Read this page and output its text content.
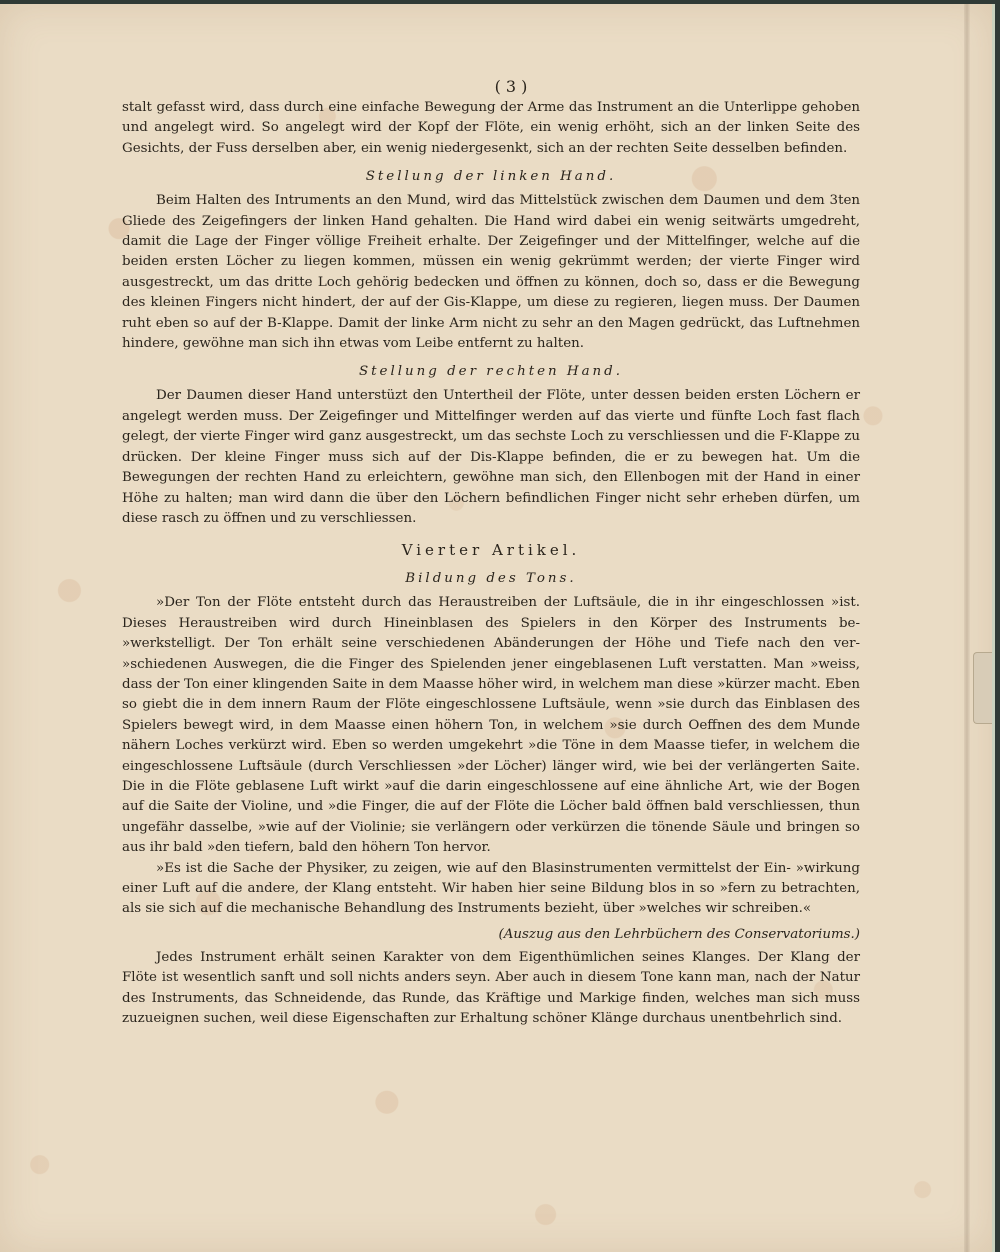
( 3 )

stalt gefasst wird, dass durch eine einfache Bewegung der Arme das Instrument an die Unterlippe gehoben und angelegt wird. So angelegt wird der Kopf der Flöte, ein wenig erhöht, sich an der linken Seite des Gesichts, der Fuss derselben aber, ein wenig niedergesenkt, sich an der rechten Seite desselben befinden.

Stellung der linken Hand.

Beim Halten des Intruments an den Mund, wird das Mittelstück zwischen dem Daumen und dem 3ten Gliede des Zeigefingers der linken Hand gehalten. Die Hand wird dabei ein wenig seitwärts umgedreht, damit die Lage der Finger völlige Freiheit erhalte. Der Zeigefinger und der Mittelfinger, welche auf die beiden ersten Löcher zu liegen kommen, müssen ein wenig gekrümmt werden; der vierte Finger wird ausgestreckt, um das dritte Loch gehörig bedecken und öffnen zu können, doch so, dass er die Bewegung des kleinen Fingers nicht hindert, der auf der Gis-Klappe, um diese zu regieren, liegen muss. Der Daumen ruht eben so auf der B-Klappe. Damit der linke Arm nicht zu sehr an den Magen gedrückt, das Luftnehmen hindere, gewöhne man sich ihn etwas vom Leibe entfernt zu halten.

Stellung der rechten Hand.

Der Daumen dieser Hand unterstüzt den Untertheil der Flöte, unter dessen beiden ersten Löchern er angelegt werden muss. Der Zeigefinger und Mittelfinger werden auf das vierte und fünfte Loch fast flach gelegt, der vierte Finger wird ganz ausgestreckt, um das sechste Loch zu verschliessen und die F-Klappe zu drücken. Der kleine Finger muss sich auf der Dis-Klappe befinden, die er zu bewegen hat. Um die Bewegungen der rechten Hand zu erleichtern, gewöhne man sich, den Ellenbogen mit der Hand in einer Höhe zu halten; man wird dann die über den Löchern befindlichen Finger nicht sehr erheben dürfen, um diese rasch zu öffnen und zu verschliessen.

Vierter Artikel.
Bildung des Tons.

»Der Ton der Flöte entsteht durch das Heraustreiben der Luftsäule, die in ihr eingeschlossen »ist. Dieses Heraustreiben wird durch Hineinblasen des Spielers in den Körper des Instruments be- »werkstelligt. Der Ton erhält seine verschiedenen Abänderungen der Höhe und Tiefe nach den ver- »schiedenen Auswegen, die die Finger des Spielenden jener eingeblasenen Luft verstatten. Man »weiss, dass der Ton einer klingenden Saite in dem Maasse höher wird, in welchem man diese »kürzer macht. Eben so giebt die in dem innern Raum der Flöte eingeschlossene Luftsäule, wenn »sie durch das Einblasen des Spielers bewegt wird, in dem Maasse einen höhern Ton, in welchem »sie durch Oeffnen des dem Munde nähern Loches verkürzt wird. Eben so werden umgekehrt »die Töne in dem Maasse tiefer, in welchem die eingeschlossene Luftsäule (durch Verschliessen »der Löcher) länger wird, wie bei der verlängerten Saite. Die in die Flöte geblasene Luft wirkt »auf die darin eingeschlossene auf eine ähnliche Art, wie der Bogen auf die Saite der Violine, und »die Finger, die auf der Flöte die Löcher bald öffnen bald verschliessen, thun ungefähr dasselbe, »wie auf der Violinie; sie verlängern oder verkürzen die tönende Säule und bringen so aus ihr bald »den tiefern, bald den höhern Ton hervor.

»Es ist die Sache der Physiker, zu zeigen, wie auf den Blasinstrumenten vermittelst der Ein- »wirkung einer Luft auf die andere, der Klang entsteht. Wir haben hier seine Bildung blos in so »fern zu betrachten, als sie sich auf die mechanische Behandlung des Instruments bezieht, über »welches wir schreiben.«

(Auszug aus den Lehrbüchern des Conservatoriums.)

Jedes Instrument erhält seinen Karakter von dem Eigenthümlichen seines Klanges. Der Klang der Flöte ist wesentlich sanft und soll nichts anders seyn. Aber auch in diesem Tone kann man, nach der Natur des Instruments, das Schneidende, das Runde, das Kräftige und Markige finden, welches man sich muss zuzueignen suchen, weil diese Eigenschaften zur Erhaltung schöner Klänge durchaus unentbehrlich sind.
